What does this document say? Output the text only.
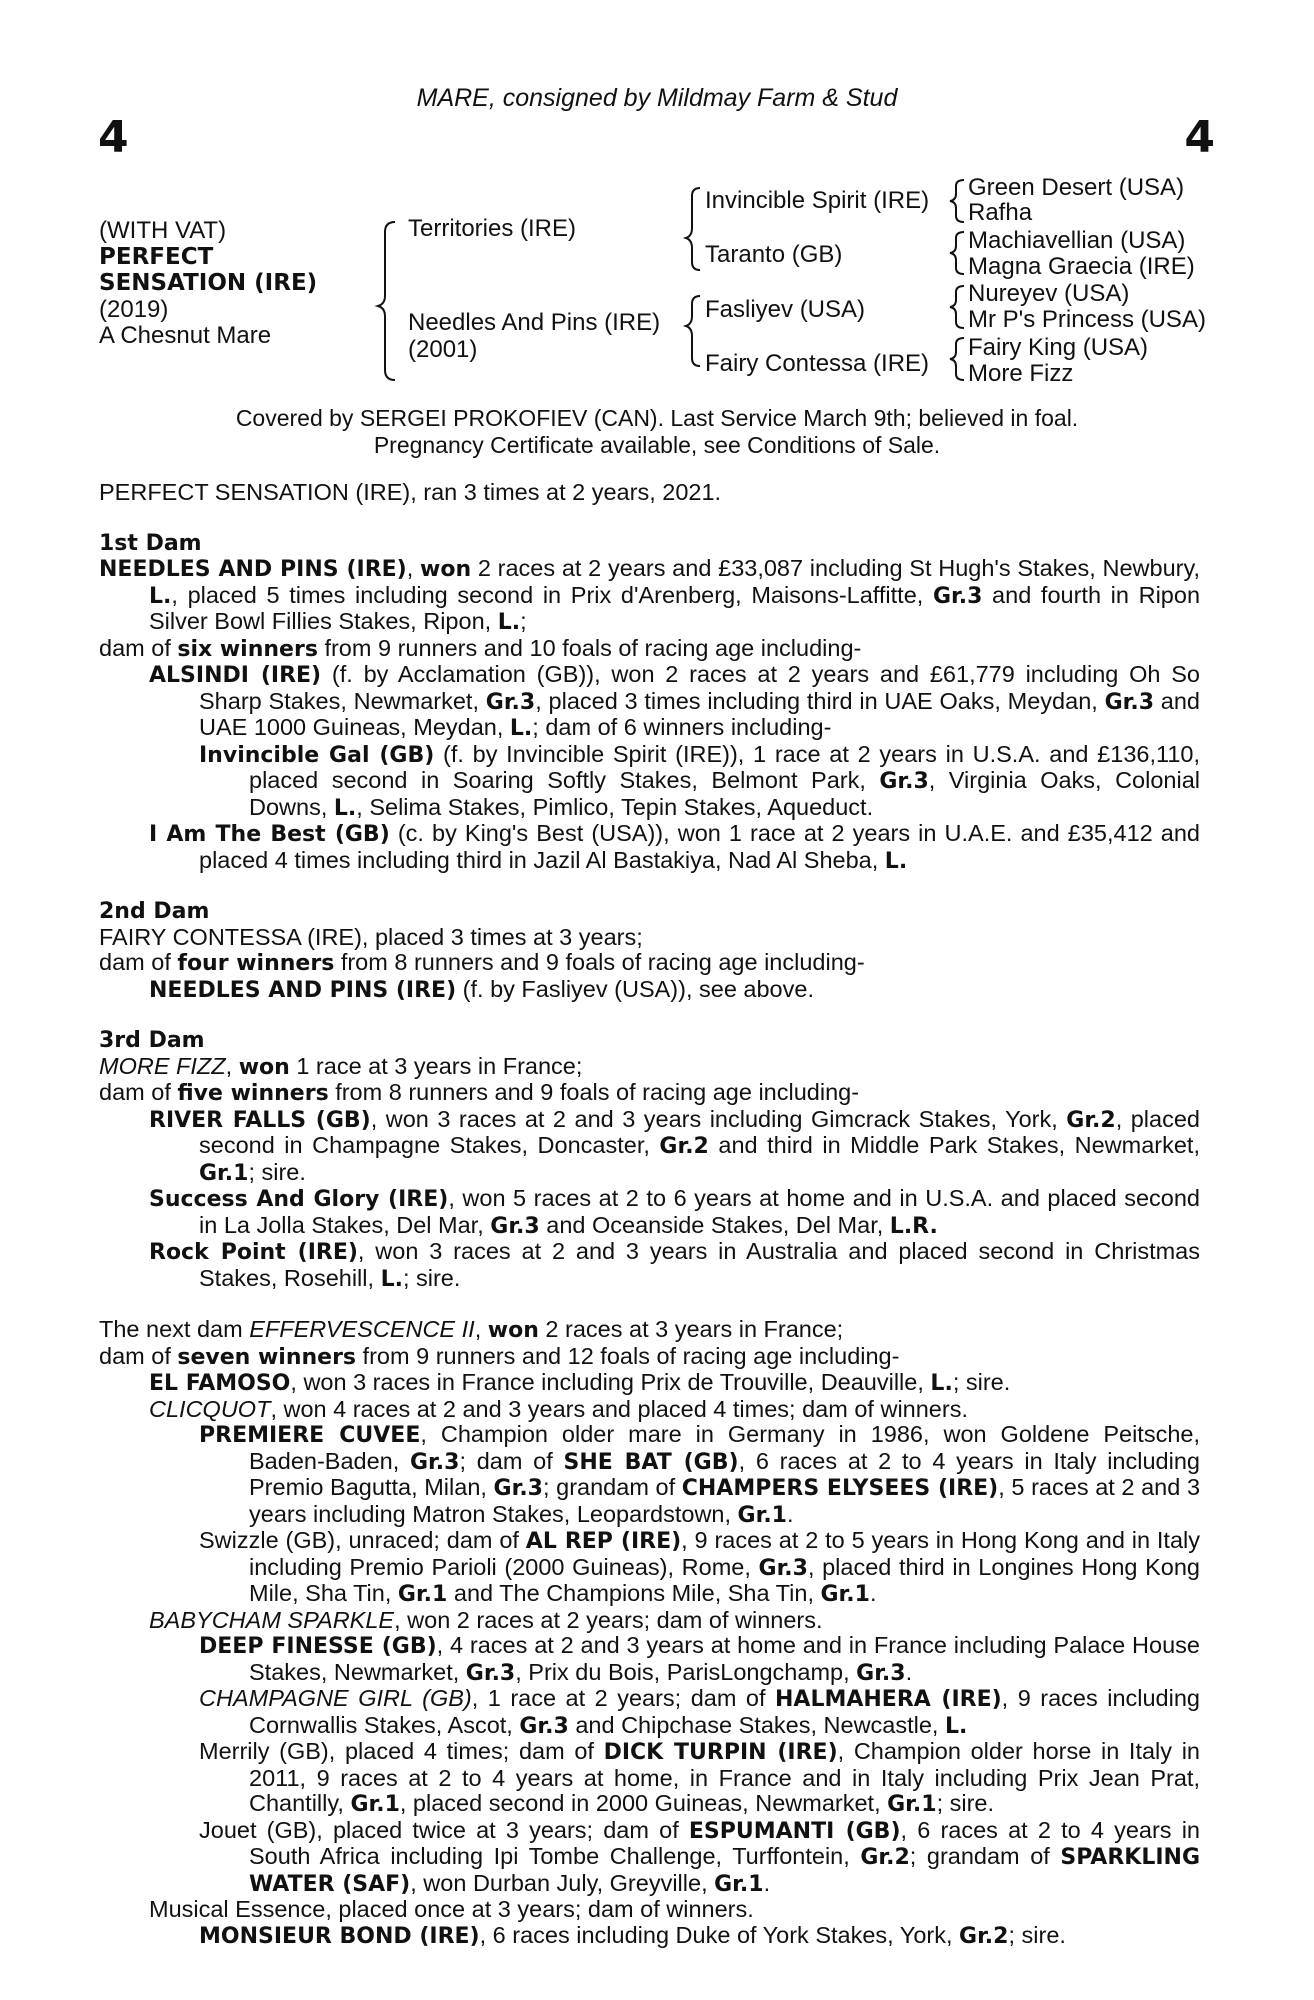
4
MARE, consigned by Mildmay Farm & Stud
4
(WITH VAT)
PERFECT
SENSATION (IRE)
(2019)
A Chesnut Mare
Territories (IRE)
Needles And Pins (IRE)
(2001)
Invincible Spirit (IRE)
Taranto (GB)
Fasliyev (USA)
Fairy Contessa (IRE)
Green Desert (USA)
Rafha
Machiavellian (USA)
Magna Graecia (IRE)
Nureyev (USA)
Mr P's Princess (USA)
Fairy King (USA)
More Fizz
Covered by SERGEI PROKOFIEV (CAN). Last Service March 9th; believed in foal.
Pregnancy Certificate available, see Conditions of Sale.

PERFECT SENSATION (IRE), ran 3 times at 2 years, 2021.

1st Dam

NEEDLES AND PINS (IRE), won 2 races at 2 years and £33,087 including St Hugh's Stakes, Newbury, L., placed 5 times including second in Prix d'Arenberg, Maisons-Laffitte, Gr.3 and fourth in Ripon Silver Bowl Fillies Stakes, Ripon, L.;

dam of six winners from 9 runners and 10 foals of racing age including-

ALSINDI (IRE) (f. by Acclamation (GB)), won 2 races at 2 years and £61,779 including Oh So Sharp Stakes, Newmarket, Gr.3, placed 3 times including third in UAE Oaks, Meydan, Gr.3 and UAE 1000 Guineas, Meydan, L.; dam of 6 winners including-

Invincible Gal (GB) (f. by Invincible Spirit (IRE)), 1 race at 2 years in U.S.A. and £136,110, placed second in Soaring Softly Stakes, Belmont Park, Gr.3, Virginia Oaks, Colonial Downs, L., Selima Stakes, Pimlico, Tepin Stakes, Aqueduct.

I Am The Best (GB) (c. by King's Best (USA)), won 1 race at 2 years in U.A.E. and £35,412 and placed 4 times including third in Jazil Al Bastakiya, Nad Al Sheba, L.

2nd Dam

FAIRY CONTESSA (IRE), placed 3 times at 3 years;

dam of four winners from 8 runners and 9 foals of racing age including-

NEEDLES AND PINS (IRE) (f. by Fasliyev (USA)), see above.

3rd Dam

MORE FIZZ, won 1 race at 3 years in France;

dam of five winners from 8 runners and 9 foals of racing age including-

RIVER FALLS (GB), won 3 races at 2 and 3 years including Gimcrack Stakes, York, Gr.2, placed second in Champagne Stakes, Doncaster, Gr.2 and third in Middle Park Stakes, Newmarket, Gr.1; sire.

Success And Glory (IRE), won 5 races at 2 to 6 years at home and in U.S.A. and placed second in La Jolla Stakes, Del Mar, Gr.3 and Oceanside Stakes, Del Mar, L.R.

Rock Point (IRE), won 3 races at 2 and 3 years in Australia and placed second in Christmas Stakes, Rosehill, L.; sire.

The next dam EFFERVESCENCE II, won 2 races at 3 years in France;

dam of seven winners from 9 runners and 12 foals of racing age including-

EL FAMOSO, won 3 races in France including Prix de Trouville, Deauville, L.; sire.

CLICQUOT, won 4 races at 2 and 3 years and placed 4 times; dam of winners.

PREMIERE CUVEE, Champion older mare in Germany in 1986, won Goldene Peitsche, Baden-Baden, Gr.3; dam of SHE BAT (GB), 6 races at 2 to 4 years in Italy including Premio Bagutta, Milan, Gr.3; grandam of CHAMPERS ELYSEES (IRE), 5 races at 2 and 3 years including Matron Stakes, Leopardstown, Gr.1.

Swizzle (GB), unraced; dam of AL REP (IRE), 9 races at 2 to 5 years in Hong Kong and in Italy including Premio Parioli (2000 Guineas), Rome, Gr.3, placed third in Longines Hong Kong Mile, Sha Tin, Gr.1 and The Champions Mile, Sha Tin, Gr.1.

BABYCHAM SPARKLE, won 2 races at 2 years; dam of winners.

DEEP FINESSE (GB), 4 races at 2 and 3 years at home and in France including Palace House Stakes, Newmarket, Gr.3, Prix du Bois, ParisLongchamp, Gr.3.

CHAMPAGNE GIRL (GB), 1 race at 2 years; dam of HALMAHERA (IRE), 9 races including Cornwallis Stakes, Ascot, Gr.3 and Chipchase Stakes, Newcastle, L.

Merrily (GB), placed 4 times; dam of DICK TURPIN (IRE), Champion older horse in Italy in 2011, 9 races at 2 to 4 years at home, in France and in Italy including Prix Jean Prat, Chantilly, Gr.1, placed second in 2000 Guineas, Newmarket, Gr.1; sire.

Jouet (GB), placed twice at 3 years; dam of ESPUMANTI (GB), 6 races at 2 to 4 years in South Africa including Ipi Tombe Challenge, Turffontein, Gr.2; grandam of SPARKLING WATER (SAF), won Durban July, Greyville, Gr.1.

Musical Essence, placed once at 3 years; dam of winners.

MONSIEUR BOND (IRE), 6 races including Duke of York Stakes, York, Gr.2; sire.
